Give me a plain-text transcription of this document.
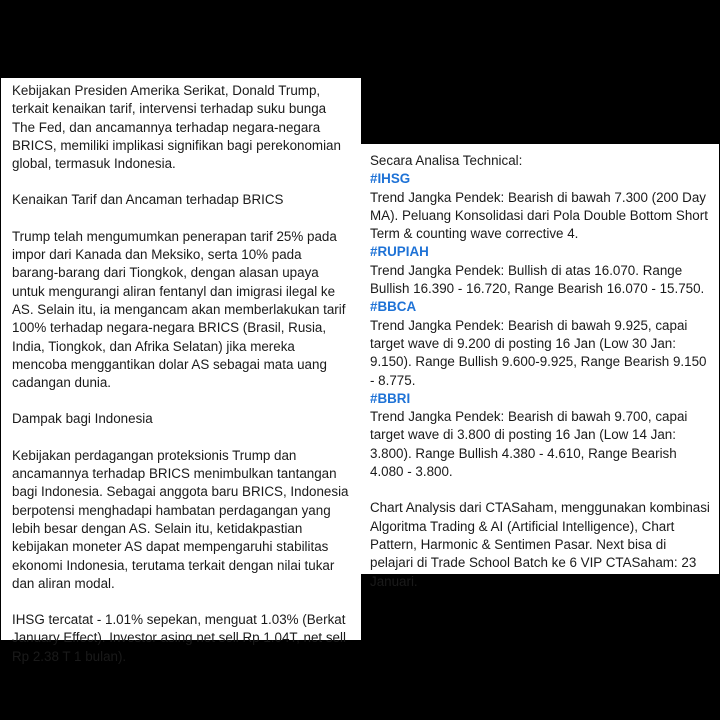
Kebijakan Presiden Amerika Serikat, Donald Trump, terkait kenaikan tarif, intervensi terhadap suku bunga The Fed, dan ancamannya terhadap negara-negara BRICS, memiliki implikasi signifikan bagi perekonomian global, termasuk Indonesia.

Kenaikan Tarif dan Ancaman terhadap BRICS

Trump telah mengumumkan penerapan tarif 25% pada impor dari Kanada dan Meksiko, serta 10% pada barang-barang dari Tiongkok, dengan alasan upaya untuk mengurangi aliran fentanyl dan imigrasi ilegal ke AS. Selain itu, ia mengancam akan memberlakukan tarif 100% terhadap negara-negara BRICS (Brasil, Rusia, India, Tiongkok, dan Afrika Selatan) jika mereka mencoba menggantikan dolar AS sebagai mata uang cadangan dunia.

Dampak bagi Indonesia

Kebijakan perdagangan proteksionis Trump dan ancamannya terhadap BRICS menimbulkan tantangan bagi Indonesia. Sebagai anggota baru BRICS, Indonesia berpotensi menghadapi hambatan perdagangan yang lebih besar dengan AS. Selain itu, ketidakpastian kebijakan moneter AS dapat mempengaruhi stabilitas ekonomi Indonesia, terutama terkait dengan nilai tukar dan aliran modal.

IHSG tercatat - 1.01% sepekan, menguat 1.03% (Berkat January Effect). Investor asing net sell Rp 1.04T, net sell Rp 2.38 T 1 bulan).

Secara Analisa Technical:

#IHSG

Trend Jangka Pendek: Bearish di bawah 7.300 (200 Day MA). Peluang Konsolidasi dari Pola Double Bottom Short Term & counting wave corrective 4.

#RUPIAH

Trend Jangka Pendek: Bullish di atas 16.070. Range Bullish 16.390 - 16.720, Range Bearish 16.070 - 15.750.

#BBCA

Trend Jangka Pendek: Bearish di bawah 9.925, capai target wave di 9.200 di posting 16 Jan (Low 30 Jan: 9.150). Range Bullish 9.600-9.925, Range Bearish 9.150 - 8.775.

#BBRI

Trend Jangka Pendek: Bearish di bawah 9.700, capai target wave di 3.800 di posting 16 Jan (Low 14 Jan: 3.800). Range Bullish 4.380 - 4.610, Range Bearish 4.080 - 3.800.

Chart Analysis dari CTASaham, menggunakan kombinasi Algoritma Trading & AI (Artificial Intelligence), Chart Pattern, Harmonic & Sentimen Pasar. Next bisa di pelajari di Trade School Batch ke 6 VIP CTASaham: 23 Januari.
